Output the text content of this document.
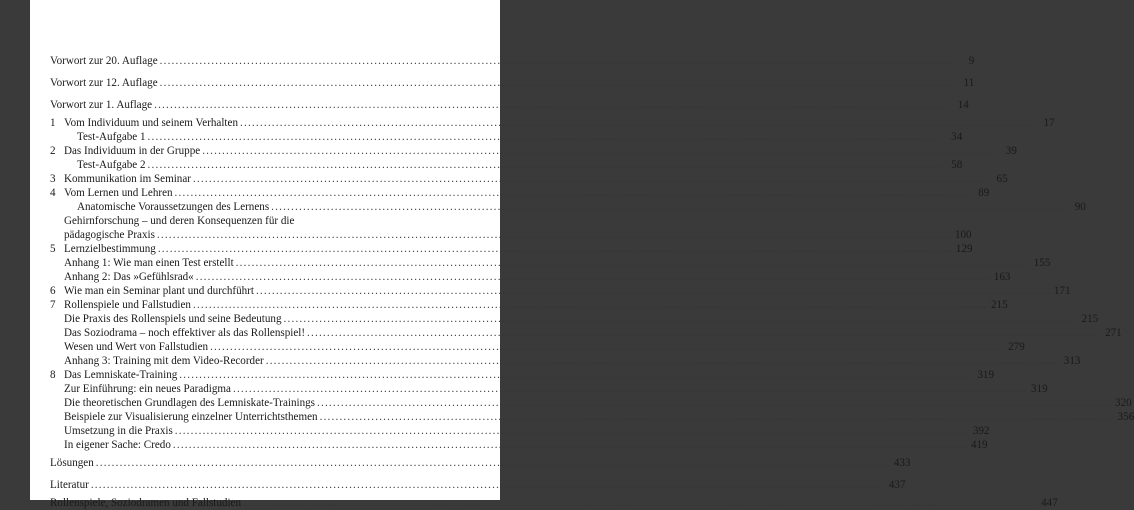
Vorwort zur 20. Auflage ........................................................................................................................................................................................................	9
Vorwort zur 12. Auflage ........................................................................................................................................................................................................ 11
Vorwort zur 1. Auflage ........................................................................................................................................................................................................ 14
1 Vom Individuum und seinem Verhalten ........................................................................................................................................................................................................ 17
Test-Aufgabe 1 ........................................................................................................................................................................................................ 34
2 Das Individuum in der Gruppe ........................................................................................................................................................................................................ 39
Test-Aufgabe 2 ........................................................................................................................................................................................................ 58
3 Kommunikation im Seminar ........................................................................................................................................................................................................ 65
4 Vom Lernen und Lehren ........................................................................................................................................................................................................ 89
Anatomische Voraussetzungen des Lernens ........................................................................................................................................................................................................ 90
Gehirnforschung – und deren Konsequenzen für die
pädagogische Praxis ........................................................................................................................................................................................................ 100
5 Lernzielbestimmung ........................................................................................................................................................................................................ 129
Anhang 1: Wie man einen Test erstellt ........................................................................................................................................................................................................ 155
Anhang 2: Das »Gefühlsrad« ........................................................................................................................................................................................................ 163
6 Wie man ein Seminar plant und durchführt ........................................................................................................................................................................................................ 171
7 Rollenspiele und Fallstudien ........................................................................................................................................................................................................ 215
Die Praxis des Rollenspiels und seine Bedeutung ........................................................................................................................................................................................................ 215
Das Soziodrama – noch effektiver als das Rollenspiel! ........................................................................................................................................................................................................ 271
Wesen und Wert von Fallstudien ........................................................................................................................................................................................................ 279
Anhang 3: Training mit dem Video-Recorder ........................................................................................................................................................................................................ 313
8 Das Lemniskate-Training ........................................................................................................................................................................................................ 319
Zur Einführung: ein neues Paradigma ........................................................................................................................................................................................................ 319
Die theoretischen Grundlagen des Lemniskate-Trainings ........................................................................................................................................................................................................ 320
Beispiele zur Visualisierung einzelner Unterrichtsthemen ........................................................................................................................................................................................................ 356
Umsetzung in die Praxis ........................................................................................................................................................................................................ 392
In eigener Sache: Credo ........................................................................................................................................................................................................ 419
Lösungen ........................................................................................................................................................................................................ 433
Literatur ........................................................................................................................................................................................................ 437
Rollenspiele, Soziodramen und Fallstudien ........................................................................................................................................................................................................ 447
